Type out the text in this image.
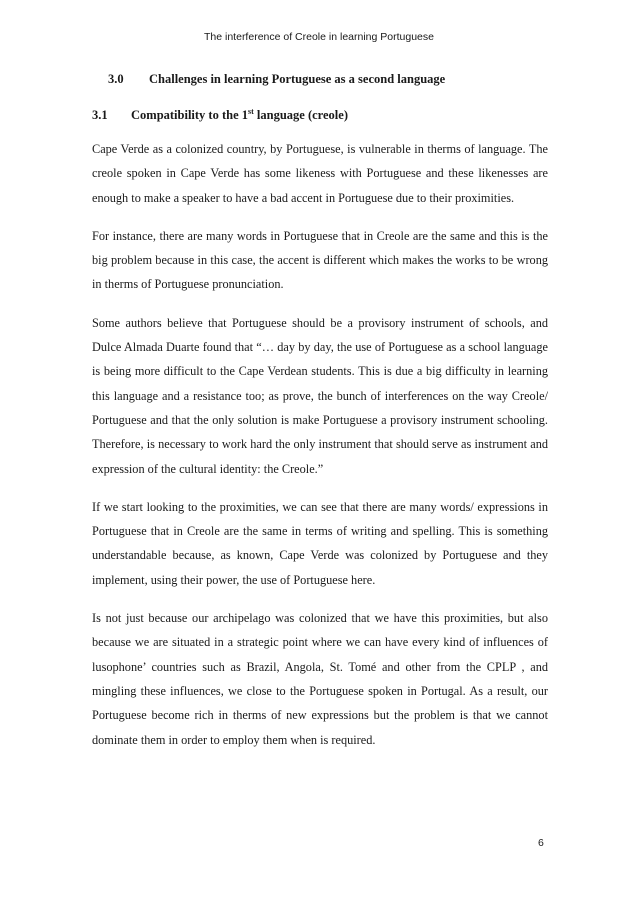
The interference of Creole in learning Portuguese
3.0 Challenges in learning Portuguese as a second language
3.1 Compatibility to the 1st language (creole)

Cape Verde as a colonized country, by Portuguese, is vulnerable in therms of language. The creole spoken in Cape Verde has some likeness with Portuguese and these likenesses are enough to make a speaker to have a bad accent in Portuguese due to their proximities.

For instance, there are many words in Portuguese that in Creole are the same and this is the big problem because in this case, the accent is different which makes the works to be wrong in therms of Portuguese pronunciation.

Some authors believe that Portuguese should be a provisory instrument of schools, and Dulce Almada Duarte found that “… day by day, the use of Portuguese as a school language is being more difficult to the Cape Verdean students. This is due a big difficulty in learning this language and a resistance too; as prove, the bunch of interferences on the way Creole/ Portuguese and that the only solution is make Portuguese a provisory instrument schooling. Therefore, is necessary to work hard the only instrument that should serve as instrument and expression of the cultural identity: the Creole.”

If we start looking to the proximities, we can see that there are many words/ expressions in Portuguese that in Creole are the same in terms of writing and spelling. This is something understandable because, as known, Cape Verde was colonized by Portuguese and they implement, using their power, the use of Portuguese here.

Is not just because our archipelago was colonized that we have this proximities, but also because we are situated in a strategic point where we can have every kind of influences of lusophone’ countries such as Brazil, Angola, St. Tomé and other from the CPLP , and mingling these influences, we close to the Portuguese spoken in Portugal. As a result, our Portuguese become rich in therms of new expressions but the problem is that we cannot dominate them in order to employ them when is required.

6
